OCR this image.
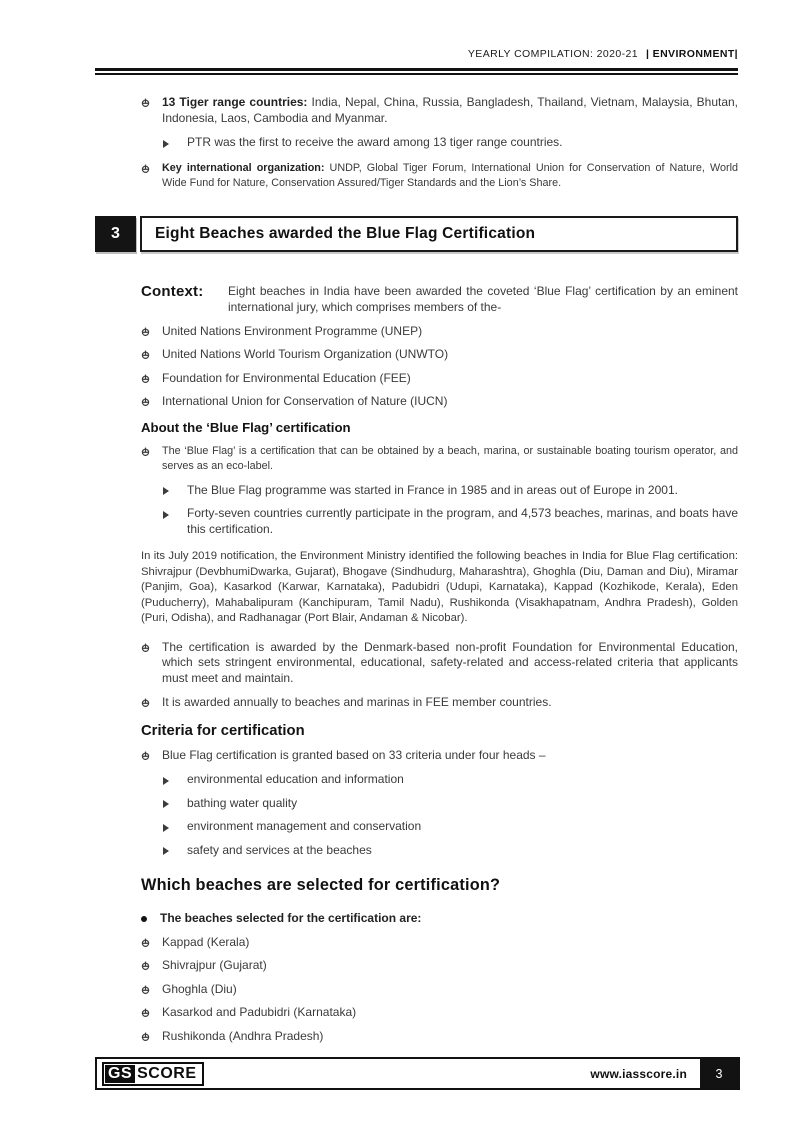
YEARLY COMPILATION: 2020-21 | ENVIRONMENT|

13 Tiger range countries: India, Nepal, China, Russia, Bangladesh, Thailand, Vietnam, Malaysia, Bhutan, Indonesia, Laos, Cambodia and Myanmar.

PTR was the first to receive the award among 13 tiger range countries.

Key international organization: UNDP, Global Tiger Forum, International Union for Conservation of Nature, World Wide Fund for Nature, Conservation Assured/Tiger Standards and the Lion’s Share.

3	Eight Beaches awarded the Blue Flag Certification
Context:	Eight beaches in India have been awarded the coveted ‘Blue Flag’ certification by an eminent international jury, which comprises members of the-

United Nations Environment Programme (UNEP)

United Nations World Tourism Organization (UNWTO)

Foundation for Environmental Education (FEE)

International Union for Conservation of Nature (IUCN)

About the ‘Blue Flag’ certification

The ‘Blue Flag’ is a certification that can be obtained by a beach, marina, or sustainable boating tourism operator, and serves as an eco-label.

The Blue Flag programme was started in France in 1985 and in areas out of Europe in 2001.

Forty-seven countries currently participate in the program, and 4,573 beaches, marinas, and boats have this certification.

In its July 2019 notification, the Environment Ministry identified the following beaches in India for Blue Flag certification: Shivrajpur (DevbhumiDwarka, Gujarat), Bhogave (Sindhudurg, Maharashtra), Ghoghla (Diu, Daman and Diu), Miramar (Panjim, Goa), Kasarkod (Karwar, Karnataka), Padubidri (Udupi, Karnataka), Kappad (Kozhikode, Kerala), Eden (Puducherry), Mahabalipuram (Kanchipuram, Tamil Nadu), Rushikonda (Visakhapatnam, Andhra Pradesh), Golden (Puri, Odisha), and Radhanagar (Port Blair, Andaman & Nicobar).

The certification is awarded by the Denmark-based non-profit Foundation for Environmental Education, which sets stringent environmental, educational, safety-related and access-related criteria that applicants must meet and maintain.

It is awarded annually to beaches and marinas in FEE member countries.

Criteria for certification

Blue Flag certification is granted based on 33 criteria under four heads –

environmental education and information

bathing water quality

environment management and conservation

safety and services at the beaches

Which beaches are selected for certification?

The beaches selected for the certification are:

Kappad (Kerala)

Shivrajpur (Gujarat)

Ghoghla (Diu)

Kasarkod and Padubidri (Karnataka)

Rushikonda (Andhra Pradesh)

GS SCORE	www.iasscore.in	3
